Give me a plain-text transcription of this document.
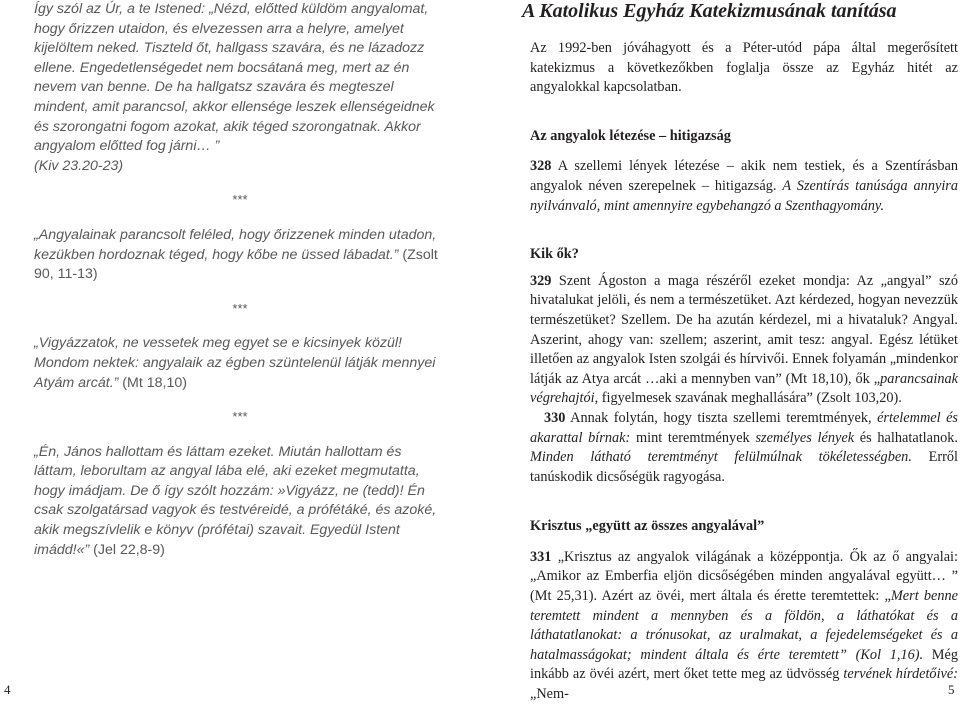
Így szól az Úr, a te Istened: „Nézd, előtted küldöm angyalomat, hogy őrizzen utaidon, és elvezessen arra a helyre, amelyet kijelöltem neked. Tiszteld őt, hallgass szavára, és ne lázadozz ellene. Engedetlenségedet nem bocsátaná meg, mert az én nevem van benne. De ha hallgatsz szavára és megteszel mindent, amit parancsol, akkor ellensége leszek ellenségeidnek és szorongatni fogom azokat, akik téged szorongatnak. Akkor angyalom előtted fog járni… ”
(Kiv 23.20-23)

***

„Angyalainak parancsolt feléled, hogy őrizzenek minden utadon, kezükben hordoznak téged, hogy kőbe ne üssed lábadat.” (Zsolt 90, 11-13)

***

„Vigyázzatok, ne vessetek meg egyet se e kicsinyek közül! Mondom nektek: angyalaik az égben szüntelenül látják mennyei Atyám arcát.” (Mt 18,10)

***

„Én, János hallottam és láttam ezeket. Miután hallottam és láttam, leborultam az angyal lába elé, aki ezeket megmutatta, hogy imádjam. De ő így szólt hozzám: »Vigyázz, ne (tedd)! Én csak szolgatársad vagyok és testvéreidé, a prófétáké, és azoké, akik megszívlelik e könyv (prófétai) szavait. Egyedül Istent imádd!«” (Jel 22,8-9)

A Katolikus Egyház Katekizmusának tanítása

Az 1992-ben jóváhagyott és a Péter-utód pápa által megerősített katekizmus a következőkben foglalja össze az Egyház hitét az angyalokkal kapcsolatban.

Az angyalok létezése – hitigazság

328 A szellemi lények létezése – akik nem testiek, és a Szentírásban angyalok néven szerepelnek – hitigazság. A Szentírás tanúsága annyira nyilvánvaló, mint amennyire egybehangzó a Szenthagyomány.

Kik ők?

329 Szent Ágoston a maga részéről ezeket mondja: Az „angyal” szó hivatalukat jelöli, és nem a természetüket. Azt kérdezed, hogyan nevezzük természetüket? Szellem. De ha azután kérdezel, mi a hivataluk? Angyal. Aszerint, ahogy van: szellem; aszerint, amit tesz: angyal. Egész létüket illetően az angyalok Isten szolgái és hírvivői. Ennek folyamán „mindenkor látják az Atya arcát …aki a mennyben van” (Mt 18,10), ők „parancsainak végrehajtói, figyelmesek szavának meghallására” (Zsolt 103,20).

330 Annak folytán, hogy tiszta szellemi teremtmények, értelemmel és akarattal bírnak: mint teremtmények személyes lények és halhatatlanok. Minden látható teremtményt felülmúlnak tökéletességben. Erről tanúskodik dicsőségük ragyogása.

Krisztus „együtt az összes angyalával”

331 „Krisztus az angyalok világának a középpontja. Ők az ő angyalai: „Amikor az Emberfia eljön dicsőségében minden angyalával együtt… ” (Mt 25,31). Azért az övéi, mert általa és érette teremtettek: „Mert benne teremtett mindent a mennyben és a földön, a láthatókat és a láthatatlanokat: a trónusokat, az uralmakat, a fejedelemségeket és a hatalmasságokat; mindent általa és érte teremtett” (Kol 1,16). Még inkább az övéi azért, mert őket tette meg az üdvösség tervének hírdetőivé: „Nem-

4	5
